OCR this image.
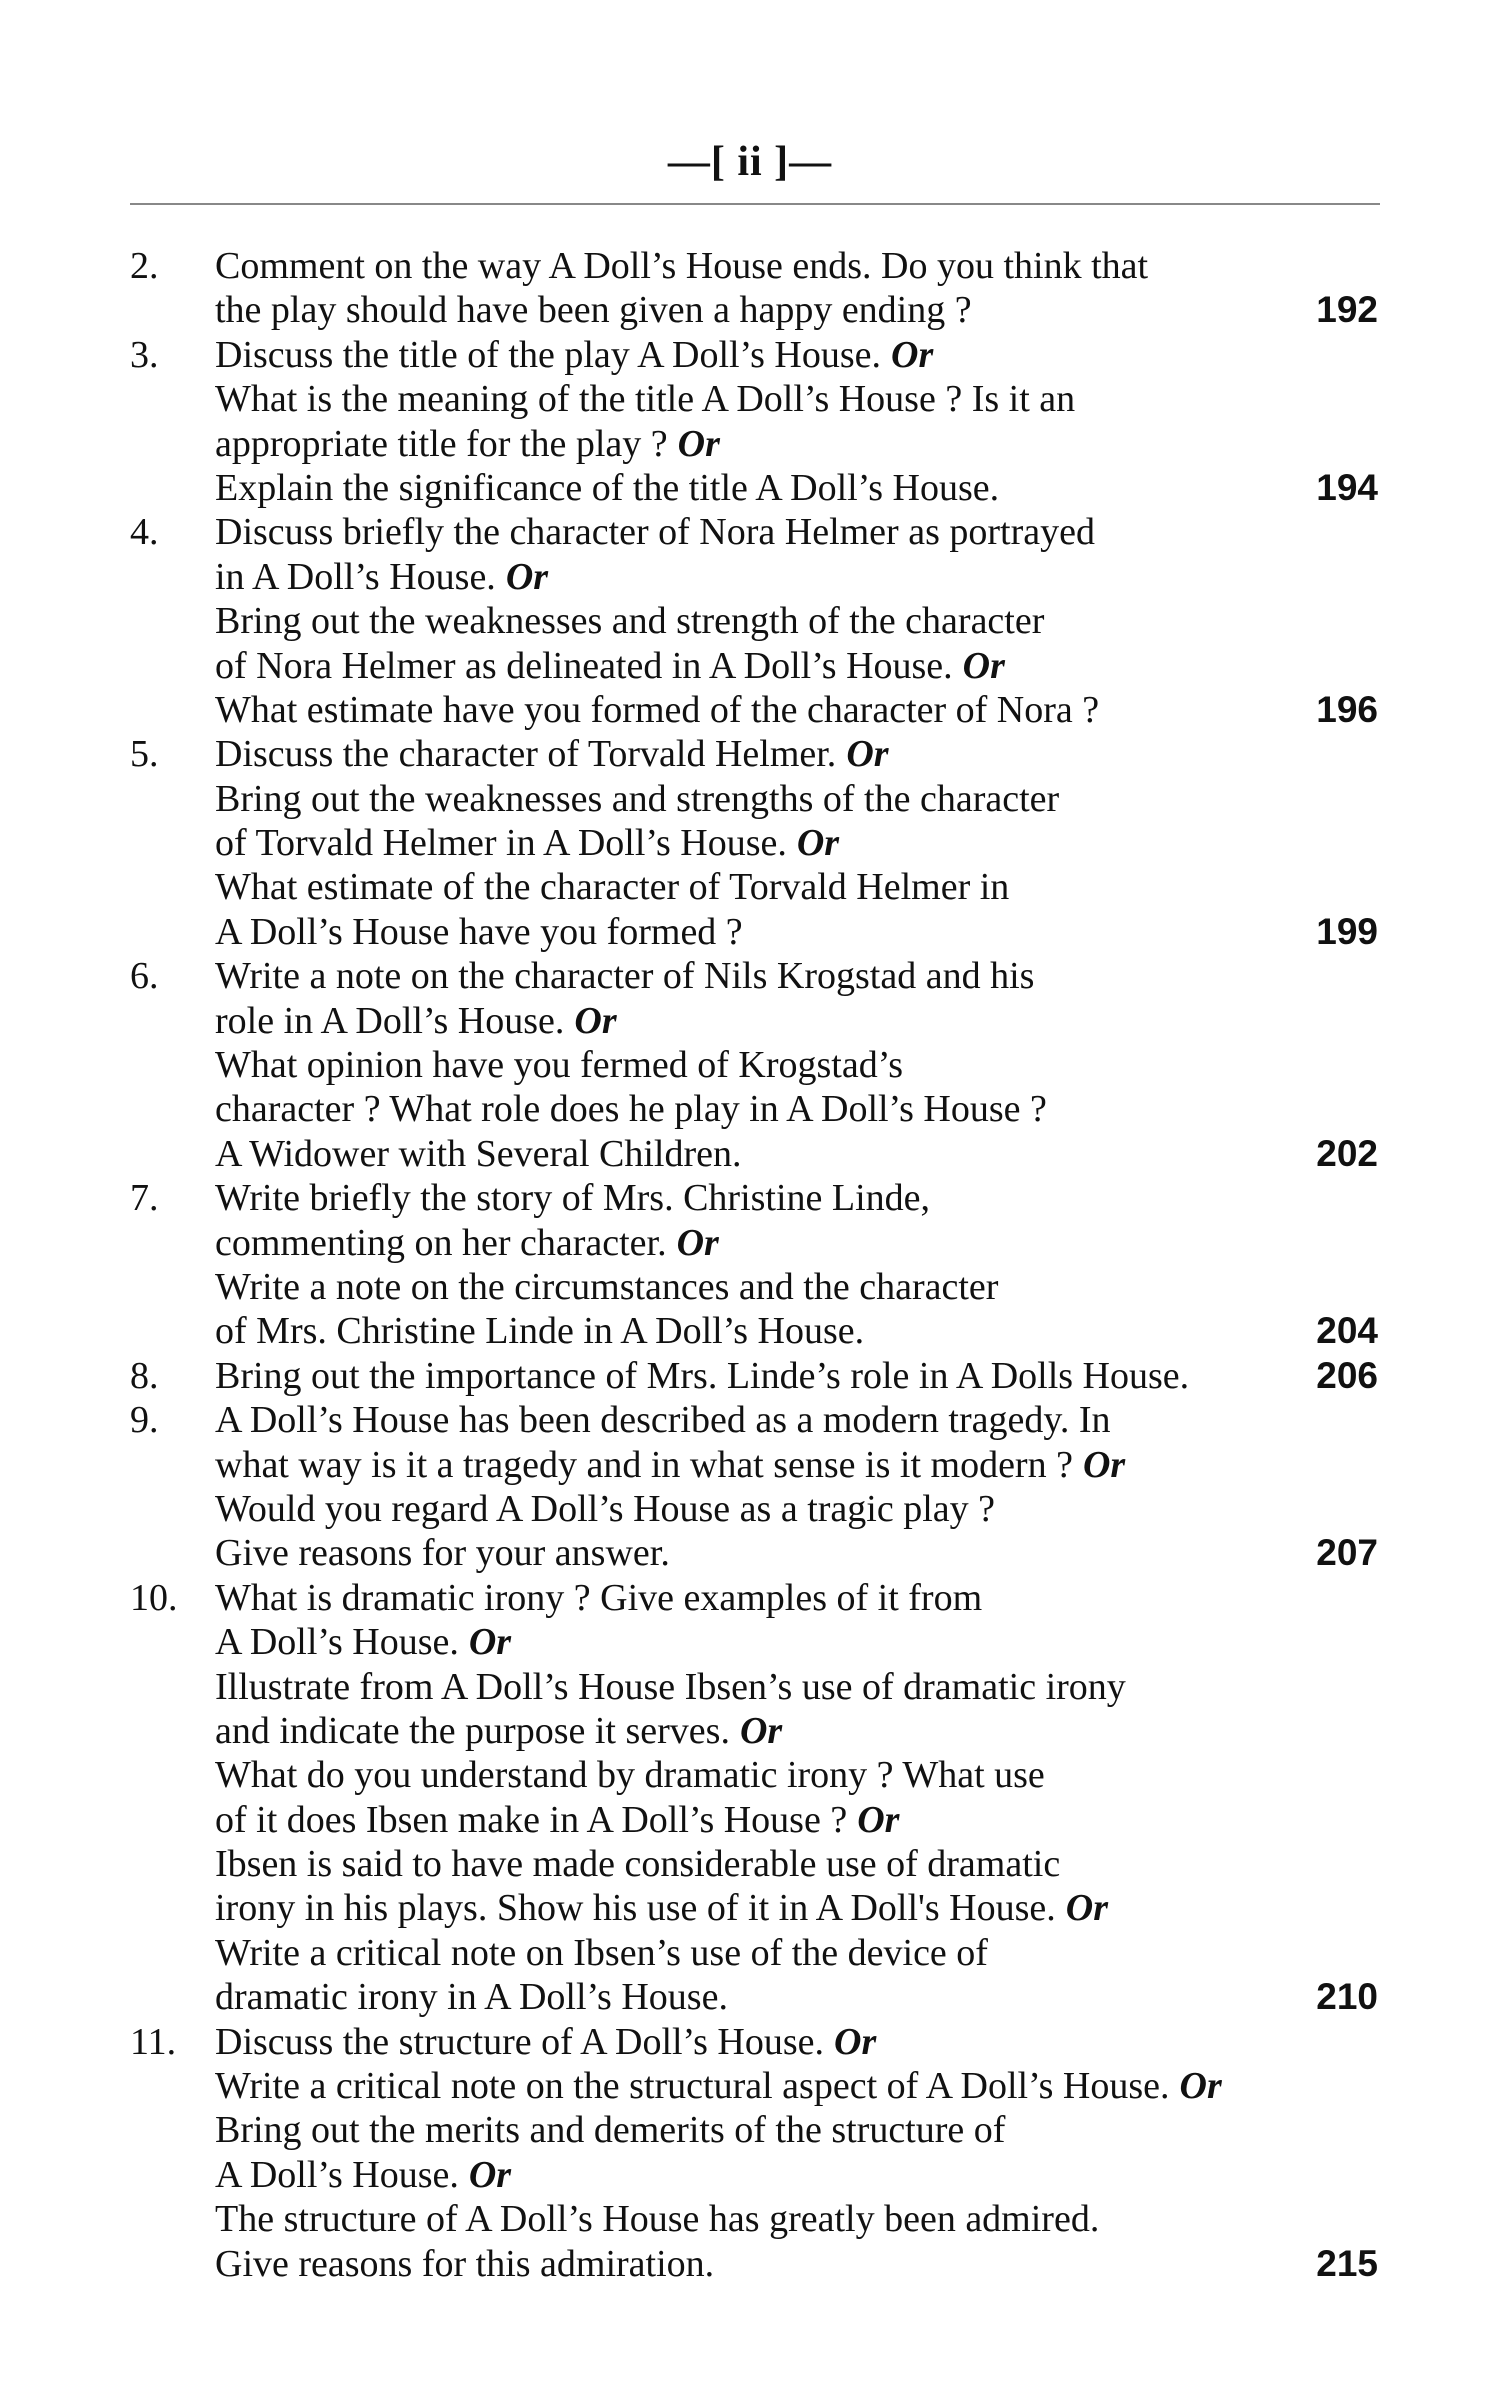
—[ ii ]—
2. Comment on the way A Doll’s House ends. Do you think that
the play should have been given a happy ending ?	192
3. Discuss the title of the play A Doll’s House. Or
What is the meaning of the title A Doll’s House ? Is it an
appropriate title for the play ? Or
Explain the significance of the title A Doll’s House.	194
4. Discuss briefly the character of Nora Helmer as portrayed
in A Doll’s House. Or
Bring out the weaknesses and strength of the character
of Nora Helmer as delineated in A Doll’s House. Or
What estimate have you formed of the character of Nora ?	196
5. Discuss the character of Torvald Helmer. Or
Bring out the weaknesses and strengths of the character
of Torvald Helmer in A Doll’s House. Or
What estimate of the character of Torvald Helmer in
A Doll’s House have you formed ?	199
6. Write a note on the character of Nils Krogstad and his
role in A Doll’s House. Or
What opinion have you fermed of Krogstad’s
character ? What role does he play in A Doll’s House ?
A Widower with Several Children.	202
7. Write briefly the story of Mrs. Christine Linde,
commenting on her character. Or
Write a note on the circumstances and the character
of Mrs. Christine Linde in A Doll’s House.	204
8. Bring out the importance of Mrs. Linde’s role in A Dolls House.	206
9. A Doll’s House has been described as a modern tragedy. In
what way is it a tragedy and in what sense is it modern ? Or
Would you regard A Doll’s House as a tragic play ?
Give reasons for your answer.	207
10. What is dramatic irony ? Give examples of it from
A Doll’s House. Or
Illustrate from A Doll’s House Ibsen’s use of dramatic irony
and indicate the purpose it serves. Or
What do you understand by dramatic irony ? What use
of it does Ibsen make in A Doll’s House ? Or
Ibsen is said to have made considerable use of dramatic
irony in his plays. Show his use of it in A Doll's House. Or
Write a critical note on Ibsen’s use of the device of
dramatic irony in A Doll’s House.	210
11. Discuss the structure of A Doll’s House. Or
Write a critical note on the structural aspect of A Doll’s House. Or
Bring out the merits and demerits of the structure of
A Doll’s House. Or
The structure of A Doll’s House has greatly been admired.
Give reasons for this admiration.	215
